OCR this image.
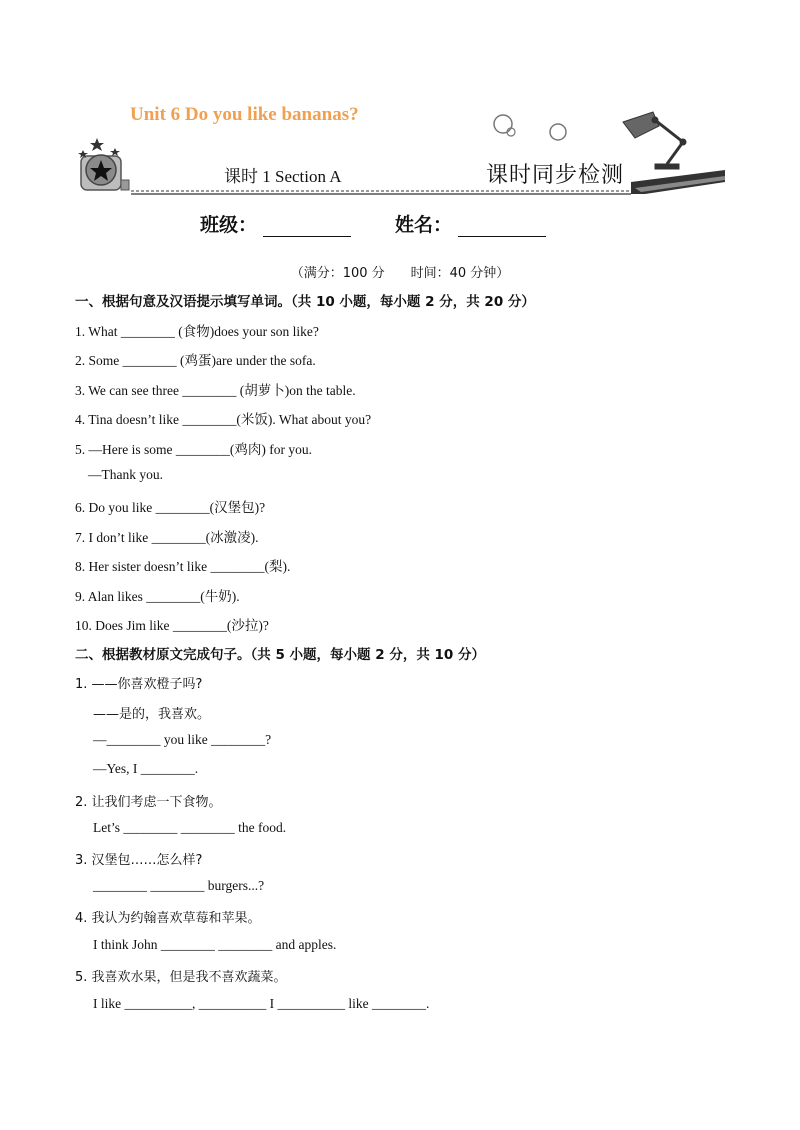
Unit 6 Do you like bananas?
课时 1 Section A	课时同步检测
班级：	姓名：
（满分：100 分　　时间：40 分钟）
一、根据句意及汉语提示填写单词。（共 10 小题，每小题 2 分，共 20 分）
1. What ________ (食物)does your son like?
2. Some ________ (鸡蛋)are under the sofa.
3. We can see three ________ (胡萝卜)on the table.
4. Tina doesn’t like ________(米饭). What about you?
5. —Here is some ________(鸡肉) for you.
—Thank you.
6. Do you like ________(汉堡包)?
7. I don’t like ________(冰激凌).
8. Her sister doesn’t like ________(梨).
9. Alan likes ________(牛奶).
10. Does Jim like ________(沙拉)?
二、根据教材原文完成句子。（共 5 小题，每小题 2 分，共 10 分）
1. ——你喜欢橙子吗?
——是的，我喜欢。
—________ you like ________?
—Yes, I ________.
2. 让我们考虑一下食物。
Let’s ________ ________ the food.
3. 汉堡包……怎么样?
________ ________ burgers...?
4. 我认为约翰喜欢草莓和苹果。
I think John ________ ________ and apples.
5. 我喜欢水果，但是我不喜欢蔬菜。
I like __________, __________ I __________ like ________.
